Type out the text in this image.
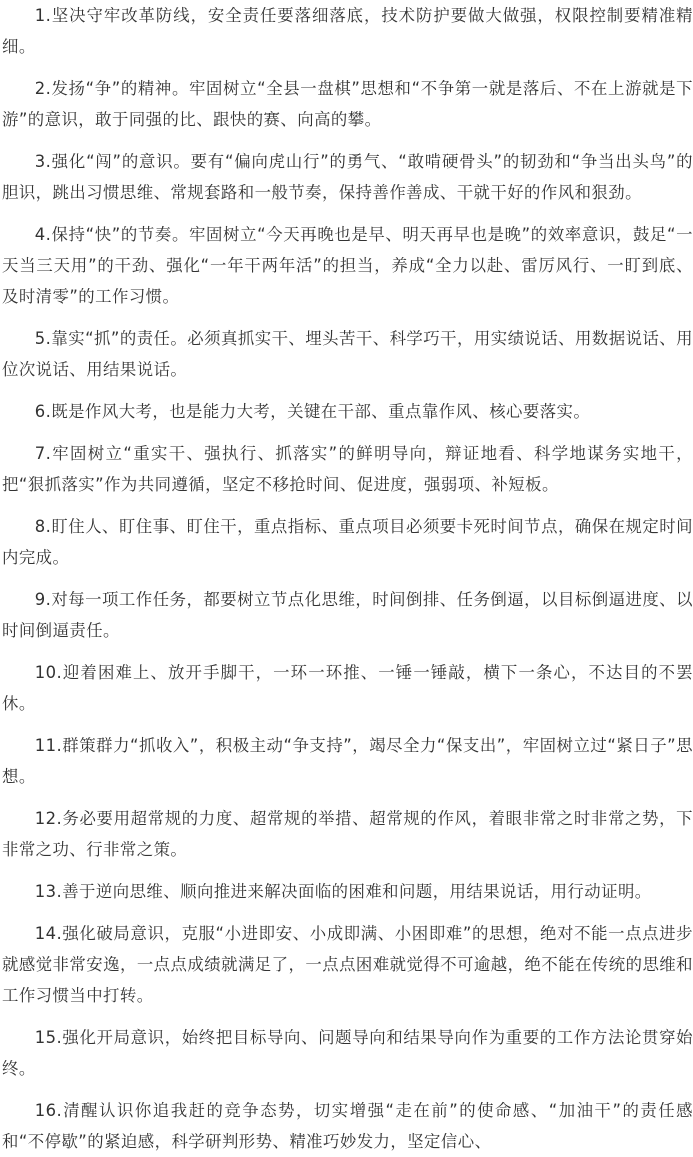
1.坚决守牢改革防线，安全责任要落细落底，技术防护要做大做强，权限控制要精准精细。

2.发扬“争”的精神。牢固树立“全县一盘棋”思想和“不争第一就是落后、不在上游就是下游”的意识，敢于同强的比、跟快的赛、向高的攀。

3.强化“闯”的意识。要有“偏向虎山行”的勇气、“敢啃硬骨头”的韧劲和“争当出头鸟”的胆识，跳出习惯思维、常规套路和一般节奏，保持善作善成、干就干好的作风和狠劲。

4.保持“快”的节奏。牢固树立“今天再晚也是早、明天再早也是晚”的效率意识，鼓足“一天当三天用”的干劲、强化“一年干两年活”的担当，养成“全力以赴、雷厉风行、一盯到底、及时清零”的工作习惯。

5.靠实“抓”的责任。必须真抓实干、埋头苦干、科学巧干，用实绩说话、用数据说话、用位次说话、用结果说话。

6.既是作风大考，也是能力大考，关键在干部、重点靠作风、核心要落实。

7.牢固树立“重实干、强执行、抓落实”的鲜明导向，辩证地看、科学地谋务实地干，把“狠抓落实”作为共同遵循，坚定不移抢时间、促进度，强弱项、补短板。

8.盯住人、盯住事、盯住干，重点指标、重点项目必须要卡死时间节点，确保在规定时间内完成。

9.对每一项工作任务，都要树立节点化思维，时间倒排、任务倒逼，以目标倒逼进度、以时间倒逼责任。

10.迎着困难上、放开手脚干，一环一环推、一锤一锤敲，横下一条心，不达目的不罢休。

11.群策群力“抓收入”，积极主动“争支持”，竭尽全力“保支出”，牢固树立过“紧日子”思想。

12.务必要用超常规的力度、超常规的举措、超常规的作风，着眼非常之时非常之势，下非常之功、行非常之策。

13.善于逆向思维、顺向推进来解决面临的困难和问题，用结果说话，用行动证明。

14.强化破局意识，克服“小进即安、小成即满、小困即难”的思想，绝对不能一点点进步就感觉非常安逸，一点点成绩就满足了，一点点困难就觉得不可逾越，绝不能在传统的思维和工作习惯当中打转。

15.强化开局意识，始终把目标导向、问题导向和结果导向作为重要的工作方法论贯穿始终。

16.清醒认识你追我赶的竞争态势，切实增强“走在前”的使命感、“加油干”的责任感和“不停歇”的紧迫感，科学研判形势、精准巧妙发力，坚定信心、
